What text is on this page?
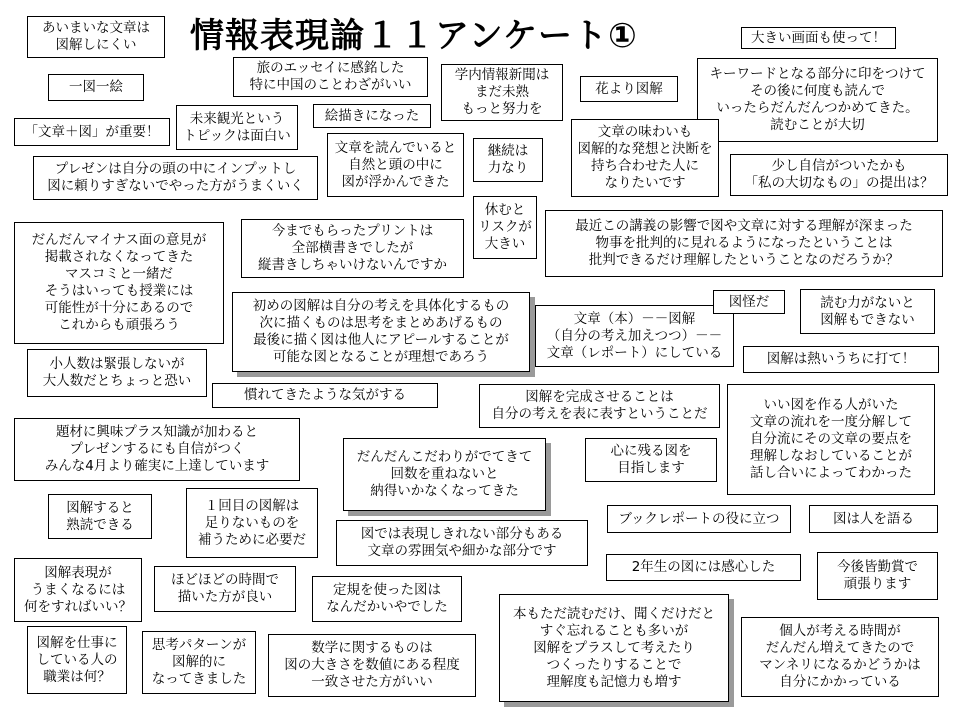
情報表現論１１アンケート①
あいまいな文章は
図解しにくい
一図一絵
「文章＋図」が重要！
旅のエッセイに感銘した
特に中国のことわざがいい
学内情報新聞は
まだ未熟
もっと努力を
花より図解
大きい画面も使って！
キーワードとなる部分に印をつけて
その後に何度も読んで
いったらだんだんつかめてきた。
読むことが大切
未来観光という
トピックは面白い
絵描きになった
文章の味わいも
図解的な発想と決断を
持ち合わせた人に
なりたいです
プレゼンは自分の頭の中にインプットし
図に頼りすぎないでやった方がうまくいく
文章を読んでいると
自然と頭の中に
図が浮かんできた
継続は
力なり	少し自信がついたかも
「私の大切なもの」の提出は？
だんだんマイナス面の意見が
掲載されなくなってきた
マスコミと一緒だ
そうはいっても授業には
可能性が十分にあるので
これからも頑張ろう
今までもらったプリントは
全部横書きでしたが
縦書きしちゃいけないんですか
休むと
リスクが
大きい
最近この講義の影響で図や文章に対する理解が深まった
物事を批判的に見れるようになったということは
批判できるだけ理解したということなのだろうか？
初めの図解は自分の考えを具体化するもの
次に描くものは思考をまとめあげるもの
最後に描く図は他人にアピールすることが
可能な図となることが理想であろう
文章（本）－－図解
（自分の考え加えつつ）－－
文章（レポート）にしている
図怪だ	読む力がないと
図解もできない
小人数は緊張しないが
大人数だとちょっと恐い
図解は熱いうちに打て！
慣れてきたような気がする	図解を完成させることは
自分の考えを表に表すということだ
いい図を作る人がいた
文章の流れを一度分解して
自分流にその文章の要点を
理解しなおしていることが
話し合いによってわかった
題材に興味プラス知識が加わると
プレゼンするにも自信がつく
みんな4月より確実に上達しています
だんだんこだわりがでてきて
回数を重ねないと
納得いかなくなってきた
心に残る図を
目指します
図解すると
熟読できる
１回目の図解は
足りないものを
補うために必要だ	図では表現しきれない部分もある
文章の雰囲気や細かな部分です
ブックレポートの役に立つ	図は人を語る
図解表現が
うまくなるには
何をすればいい？
ほどほどの時間で
描いた方が良い	定規を使った図は
なんだかいやでした	本もただ読むだけ、聞くだけだと
すぐ忘れることも多いが
図解をプラスして考えたり
つくったりすることで
理解度も記憶力も増す
2年生の図には感心した	今後皆勤賞で
頑張ります
図解を仕事に
している人の
職業は何？
思考パターンが
図解的に
なってきました
数学に関するものは
図の大きさを数値にある程度
一致させた方がいい
個人が考える時間が
だんだん増えてきたので
マンネリになるかどうかは
自分にかかっている
